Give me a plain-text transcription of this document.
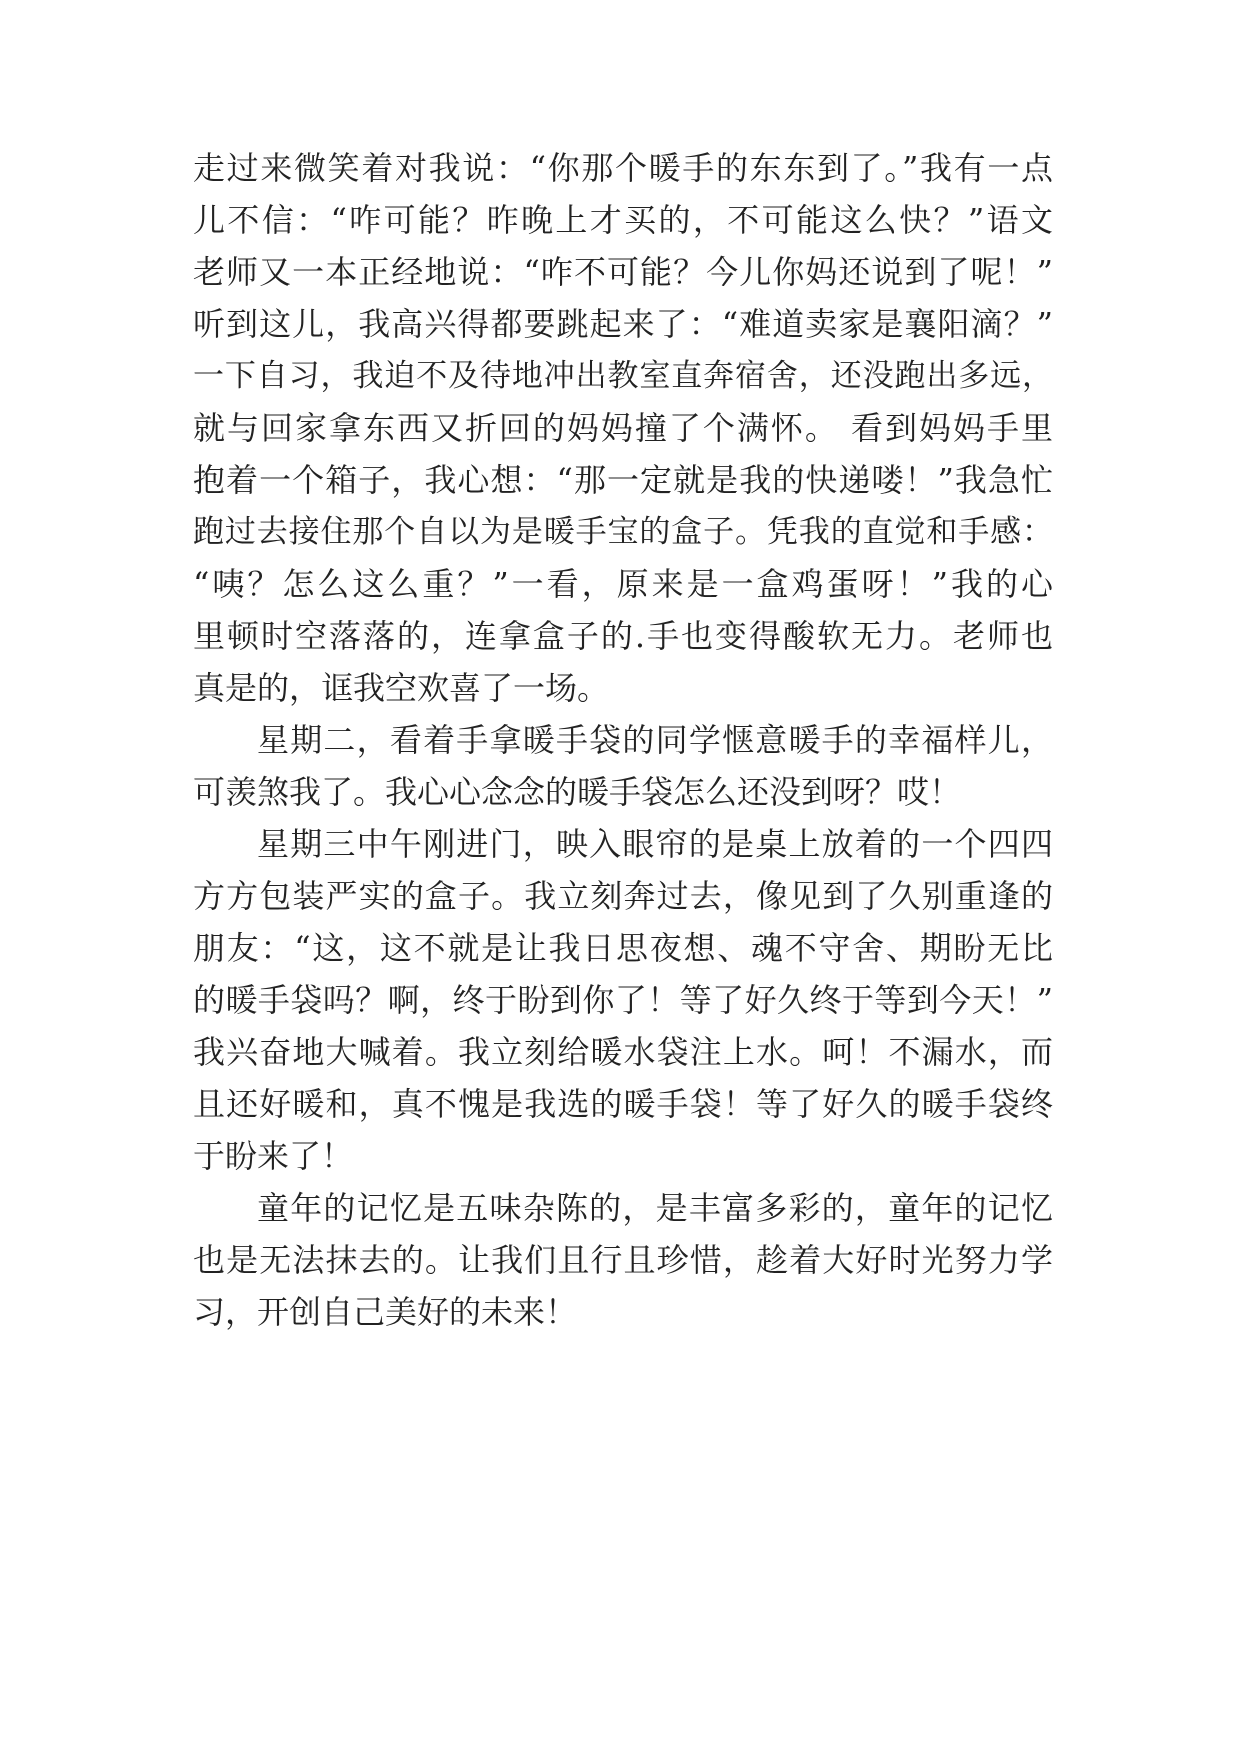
走过来微笑着对我说：“你那个暖手的东东到了。”我有一点
儿不信：“咋可能？昨晚上才买的，不可能这么快？”语文
老师又一本正经地说：“咋不可能？今儿你妈还说到了呢！”
听到这儿，我高兴得都要跳起来了：“难道卖家是襄阳滴？”
一下自习，我迫不及待地冲出教室直奔宿舍，还没跑出多远，
就与回家拿东西又折回的妈妈撞了个满怀。 看到妈妈手里
抱着一个箱子，我心想：“那一定就是我的快递喽！”我急忙
跑过去接住那个自以为是暖手宝的盒子。凭我的直觉和手感：
“咦？怎么这么重？”一看，原来是一盒鸡蛋呀！”我的心
里顿时空落落的，连拿盒子的.手也变得酸软无力。老师也
真是的，诓我空欢喜了一场。
星期二，看着手拿暖手袋的同学惬意暖手的幸福样儿，
可羡煞我了。我心心念念的暖手袋怎么还没到呀？哎！
星期三中午刚进门，映入眼帘的是桌上放着的一个四四
方方包装严实的盒子。我立刻奔过去，像见到了久别重逢的
朋友：“这，这不就是让我日思夜想、魂不守舍、期盼无比
的暖手袋吗？啊，终于盼到你了！等了好久终于等到今天！”
我兴奋地大喊着。我立刻给暖水袋注上水。呵！不漏水，而
且还好暖和，真不愧是我选的暖手袋！等了好久的暖手袋终
于盼来了！
童年的记忆是五味杂陈的，是丰富多彩的，童年的记忆
也是无法抹去的。让我们且行且珍惜，趁着大好时光努力学
习，开创自己美好的未来！
